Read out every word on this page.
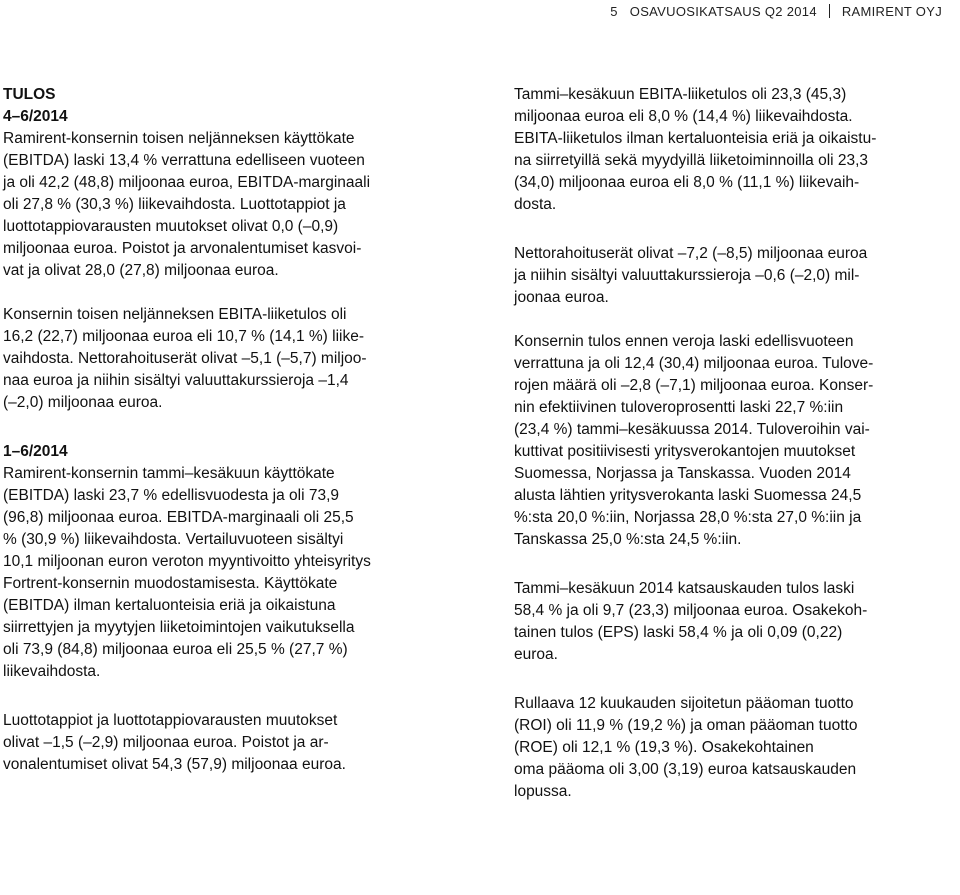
5 OSAVUOSIKATSAUS Q2 2014 RAMIRENT OYJ
TULOS
4–6/2014
Ramirent-konsernin toisen neljänneksen käyttökate
(EBITDA) laski 13,4 % verrattuna edelliseen vuoteen
ja oli 42,2 (48,8) miljoonaa euroa, EBITDA-marginaali
oli 27,8 % (30,3 %) liikevaihdosta. Luottotappiot ja
luottotappiovarausten muutokset olivat 0,0 (–0,9)
miljoonaa euroa. Poistot ja arvonalentumiset kasvoi-
vat ja olivat 28,0 (27,8) miljoonaa euroa.
Konsernin toisen neljänneksen EBITA-liiketulos oli
16,2 (22,7) miljoonaa euroa eli 10,7 % (14,1 %) liike-
vaihdosta. Nettorahoituserät olivat –5,1 (–5,7) miljoo-
naa euroa ja niihin sisältyi valuuttakurssieroja –1,4
(–2,0) miljoonaa euroa.
1–6/2014
Ramirent-konsernin tammi–kesäkuun käyttökate
(EBITDA) laski 23,7 % edellisvuodesta ja oli 73,9
(96,8) miljoonaa euroa. EBITDA-marginaali oli 25,5
% (30,9 %) liikevaihdosta. Vertailuvuoteen sisältyi
10,1 miljoonan euron veroton myyntivoitto yhteisyritys
Fortrent-konsernin muodostamisesta. Käyttökate
(EBITDA) ilman kertaluonteisia eriä ja oikaistuna
siirrettyjen ja myytyjen liiketoimintojen vaikutuksella
oli 73,9 (84,8) miljoonaa euroa eli 25,5 % (27,7 %)
liikevaihdosta.
Luottotappiot ja luottotappiovarausten muutokset
olivat –1,5 (–2,9) miljoonaa euroa. Poistot ja ar-
vonalentumiset olivat 54,3 (57,9) miljoonaa euroa.
Tammi–kesäkuun EBITA-liiketulos oli 23,3 (45,3)
miljoonaa euroa eli 8,0 % (14,4 %) liikevaihdosta.
EBITA-liiketulos ilman kertaluonteisia eriä ja oikaistu-
na siirretyillä sekä myydyillä liiketoiminnoilla oli 23,3
(34,0) miljoonaa euroa eli 8,0 % (11,1 %) liikevaih-
dosta.
Nettorahoituserät olivat –7,2 (–8,5) miljoonaa euroa
ja niihin sisältyi valuuttakurssieroja –0,6 (–2,0) mil-
joonaa euroa.
Konsernin tulos ennen veroja laski edellisvuoteen
verrattuna ja oli 12,4 (30,4) miljoonaa euroa. Tulove-
rojen määrä oli –2,8 (–7,1) miljoonaa euroa. Konser-
nin efektiivinen tuloveroprosentti laski 22,7 %:iin
(23,4 %) tammi–kesäkuussa 2014. Tuloveroihin vai-
kuttivat positiivisesti yritysverokantojen muutokset
Suomessa, Norjassa ja Tanskassa. Vuoden 2014
alusta lähtien yritysverokanta laski Suomessa 24,5
%:sta 20,0 %:iin, Norjassa 28,0 %:sta 27,0 %:iin ja
Tanskassa 25,0 %:sta 24,5 %:iin.
Tammi–kesäkuun 2014 katsauskauden tulos laski
58,4 % ja oli 9,7 (23,3) miljoonaa euroa. Osakekoh-
tainen tulos (EPS) laski 58,4 % ja oli 0,09 (0,22)
euroa.
Rullaava 12 kuukauden sijoitetun pääoman tuotto
(ROI) oli 11,9 % (19,2 %) ja oman pääoman tuotto
(ROE) oli 12,1 % (19,3 %). Osakekohtainen
oma pääoma oli 3,00 (3,19) euroa katsauskauden
lopussa.
